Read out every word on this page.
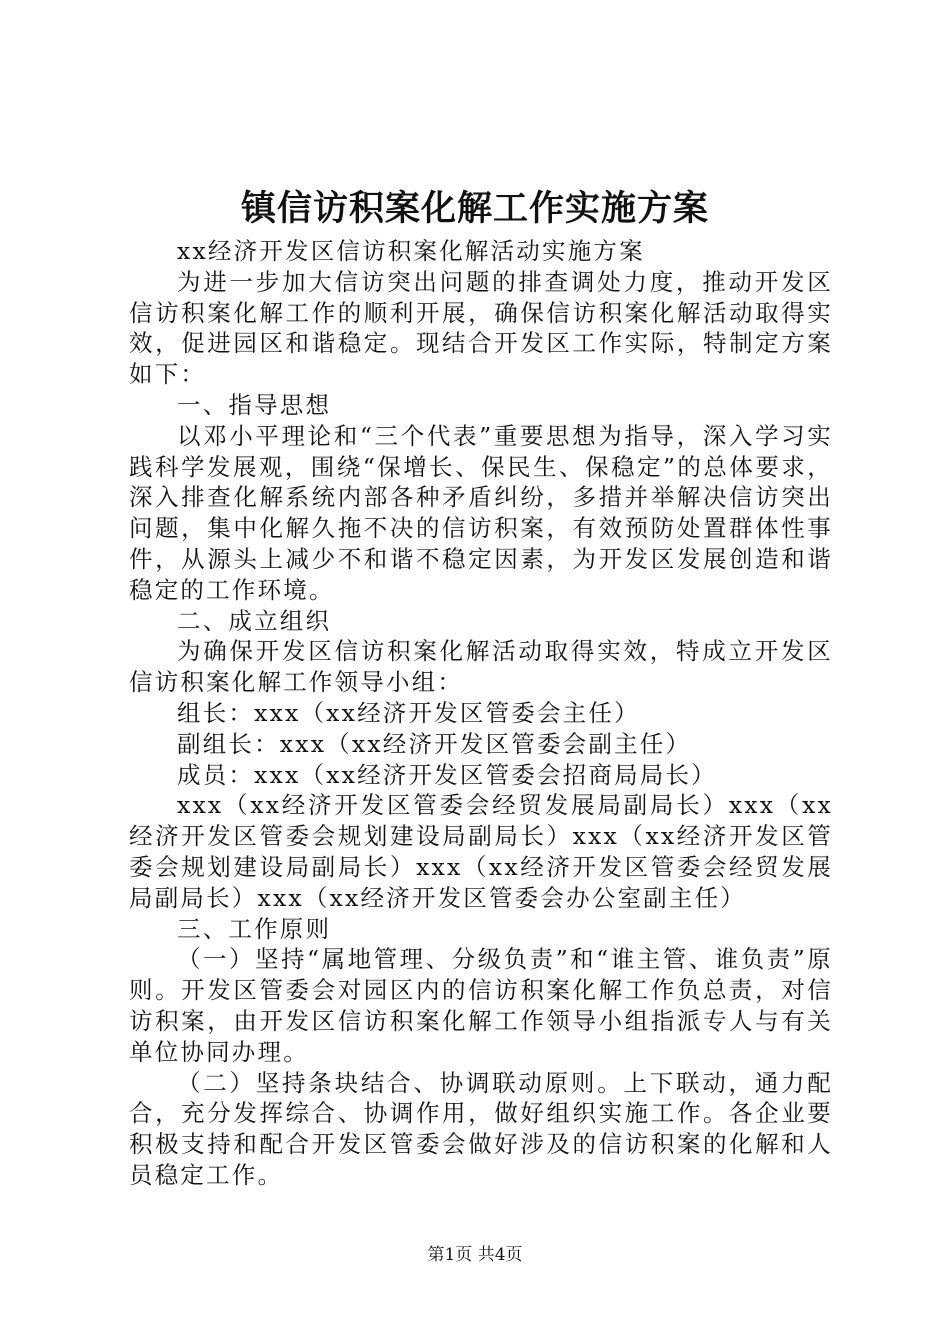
镇信访积案化解工作实施方案

xx经济开发区信访积案化解活动实施方案

为进一步加大信访突出问题的排查调处力度，推动开发区信访积案化解工作的顺利开展，确保信访积案化解活动取得实效，促进园区和谐稳定。现结合开发区工作实际，特制定方案如下：

一、指导思想

以邓小平理论和“三个代表”重要思想为指导，深入学习实践科学发展观，围绕“保增长、保民生、保稳定”的总体要求，深入排查化解系统内部各种矛盾纠纷，多措并举解决信访突出问题，集中化解久拖不决的信访积案，有效预防处置群体性事件，从源头上减少不和谐不稳定因素，为开发区发展创造和谐稳定的工作环境。

二、成立组织

为确保开发区信访积案化解活动取得实效，特成立开发区信访积案化解工作领导小组：

组长：xxx（xx经济开发区管委会主任）

副组长：xxx（xx经济开发区管委会副主任）

成员：xxx（xx经济开发区管委会招商局局长）

xxx（xx经济开发区管委会经贸发展局副局长）xxx（xx经济开发区管委会规划建设局副局长）xxx（xx经济开发区管委会规划建设局副局长）xxx（xx经济开发区管委会经贸发展局副局长）xxx（xx经济开发区管委会办公室副主任）

三、工作原则

（一）坚持“属地管理、分级负责”和“谁主管、谁负责”原则。开发区管委会对园区内的信访积案化解工作负总责，对信访积案，由开发区信访积案化解工作领导小组指派专人与有关单位协同办理。

（二）坚持条块结合、协调联动原则。上下联动，通力配合，充分发挥综合、协调作用，做好组织实施工作。各企业要积极支持和配合开发区管委会做好涉及的信访积案的化解和人员稳定工作。

第1页 共4页
